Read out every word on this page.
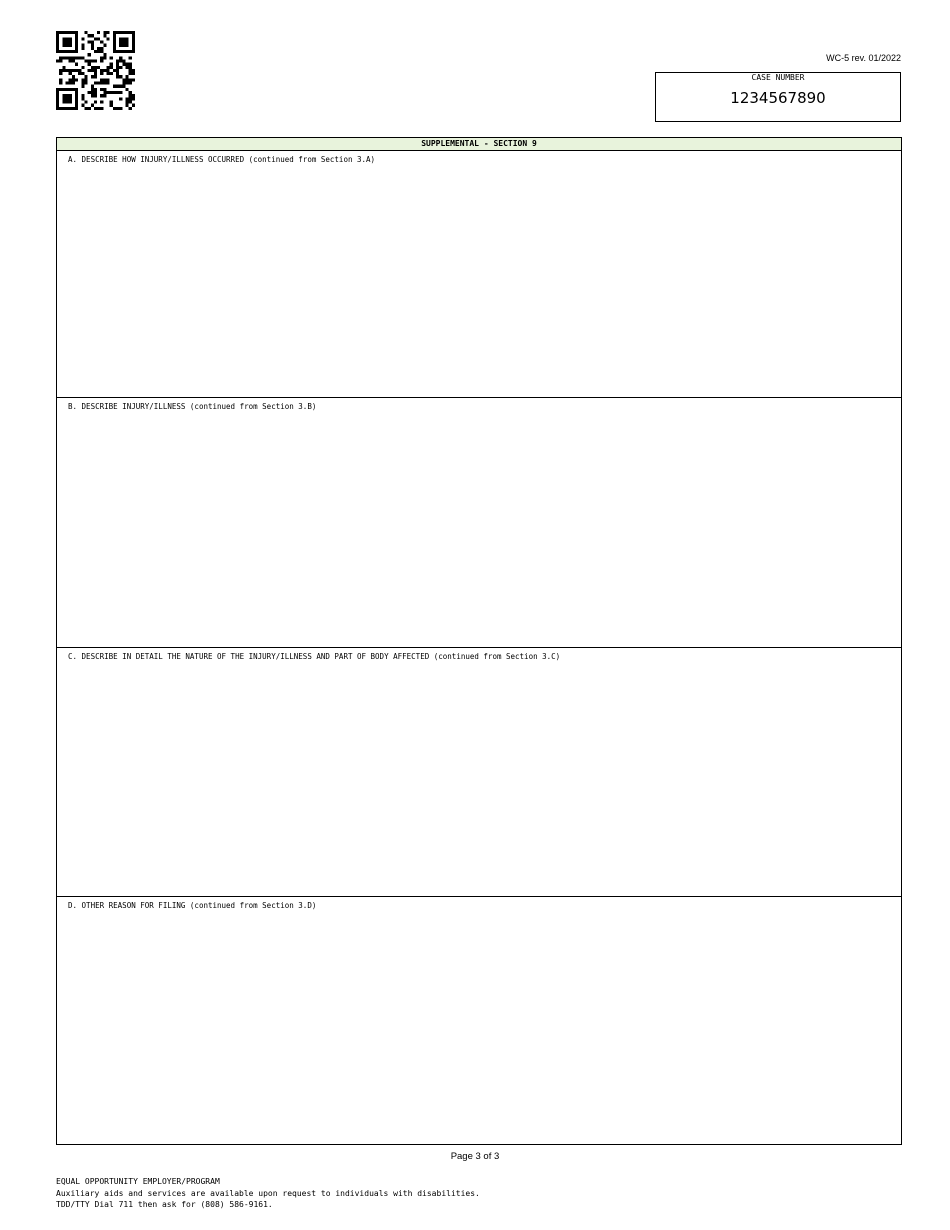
WC-5 rev. 01/2022
CASE NUMBER
1234567890
SUPPLEMENTAL - SECTION 9
A. DESCRIBE HOW INJURY/ILLNESS OCCURRED (continued from Section 3.A)
B. DESCRIBE INJURY/ILLNESS (continued from Section 3.B)
C. DESCRIBE IN DETAIL THE NATURE OF THE INJURY/ILLNESS AND PART OF BODY AFFECTED (continued from Section 3.C)
D. OTHER REASON FOR FILING (continued from Section 3.D)
Page 3 of 3
EQUAL OPPORTUNITY EMPLOYER/PROGRAM
Auxiliary aids and services are available upon request to individuals with disabilities.
TDD/TTY Dial 711 then ask for (808) 586-9161.
